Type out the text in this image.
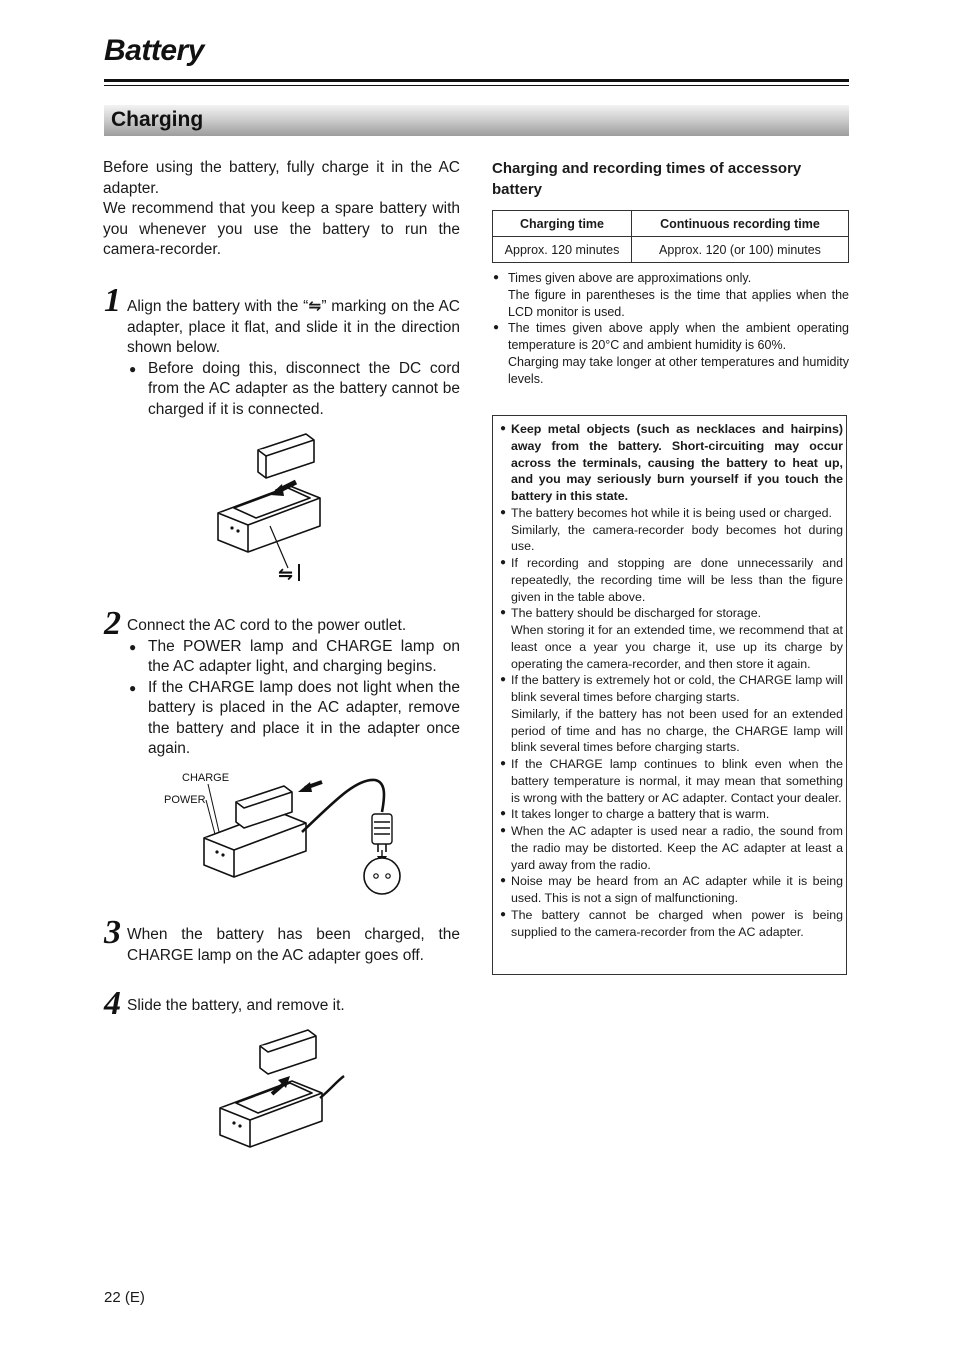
Battery
Charging
Before using the battery, fully charge it in the AC adapter.
We recommend that you keep a spare battery with you whenever you use the battery to run the camera-recorder.
1 Align the battery with the “⇋” marking on the AC adapter, place it flat, and slide it in the direction shown below.
● Before doing this, disconnect the DC cord from the AC adapter as the battery cannot be charged if it is connected.
⇋
2 Connect the AC cord to the power outlet.
● The POWER lamp and CHARGE lamp on the AC adapter light, and charging begins.
● If the CHARGE lamp does not light when the battery is placed in the AC adapter, remove the battery and place it in the adapter once again.
CHARGE
POWER
3 When the battery has been charged, the CHARGE lamp on the AC adapter goes off.
4 Slide the battery, and remove it.
Charging and recording times of accessory battery
Charging time	Continuous recording time
Approx. 120 minutes	Approx. 120 (or 100) minutes
● Times given above are approximations only.
The figure in parentheses is the time that applies when the LCD monitor is used.
● The times given above apply when the ambient operating temperature is 20°C and ambient humidity is 60%.
Charging may take longer at other temperatures and humidity levels.
● Keep metal objects (such as necklaces and hairpins) away from the battery. Short-circuiting may occur across the terminals, causing the battery to heat up, and you may seriously burn yourself if you touch the battery in this state.
● The battery becomes hot while it is being used or charged.
Similarly, the camera-recorder body becomes hot during use.
● If recording and stopping are done unnecessarily and repeatedly, the recording time will be less than the figure given in the table above.
● The battery should be discharged for storage.
When storing it for an extended time, we recommend that at least once a year you charge it, use up its charge by operating the camera-recorder, and then store it again.
● If the battery is extremely hot or cold, the CHARGE lamp will blink several times before charging starts.
Similarly, if the battery has not been used for an extended period of time and has no charge, the CHARGE lamp will blink several times before charging starts.
● If the CHARGE lamp continues to blink even when the battery temperature is normal, it may mean that something is wrong with the battery or AC adapter. Contact your dealer.
● It takes longer to charge a battery that is warm.
● When the AC adapter is used near a radio, the sound from the radio may be distorted. Keep the AC adapter at least a yard away from the radio.
● Noise may be heard from an AC adapter while it is being used. This is not a sign of malfunctioning.
● The battery cannot be charged when power is being supplied to the camera-recorder from the AC adapter.
22 (E)
